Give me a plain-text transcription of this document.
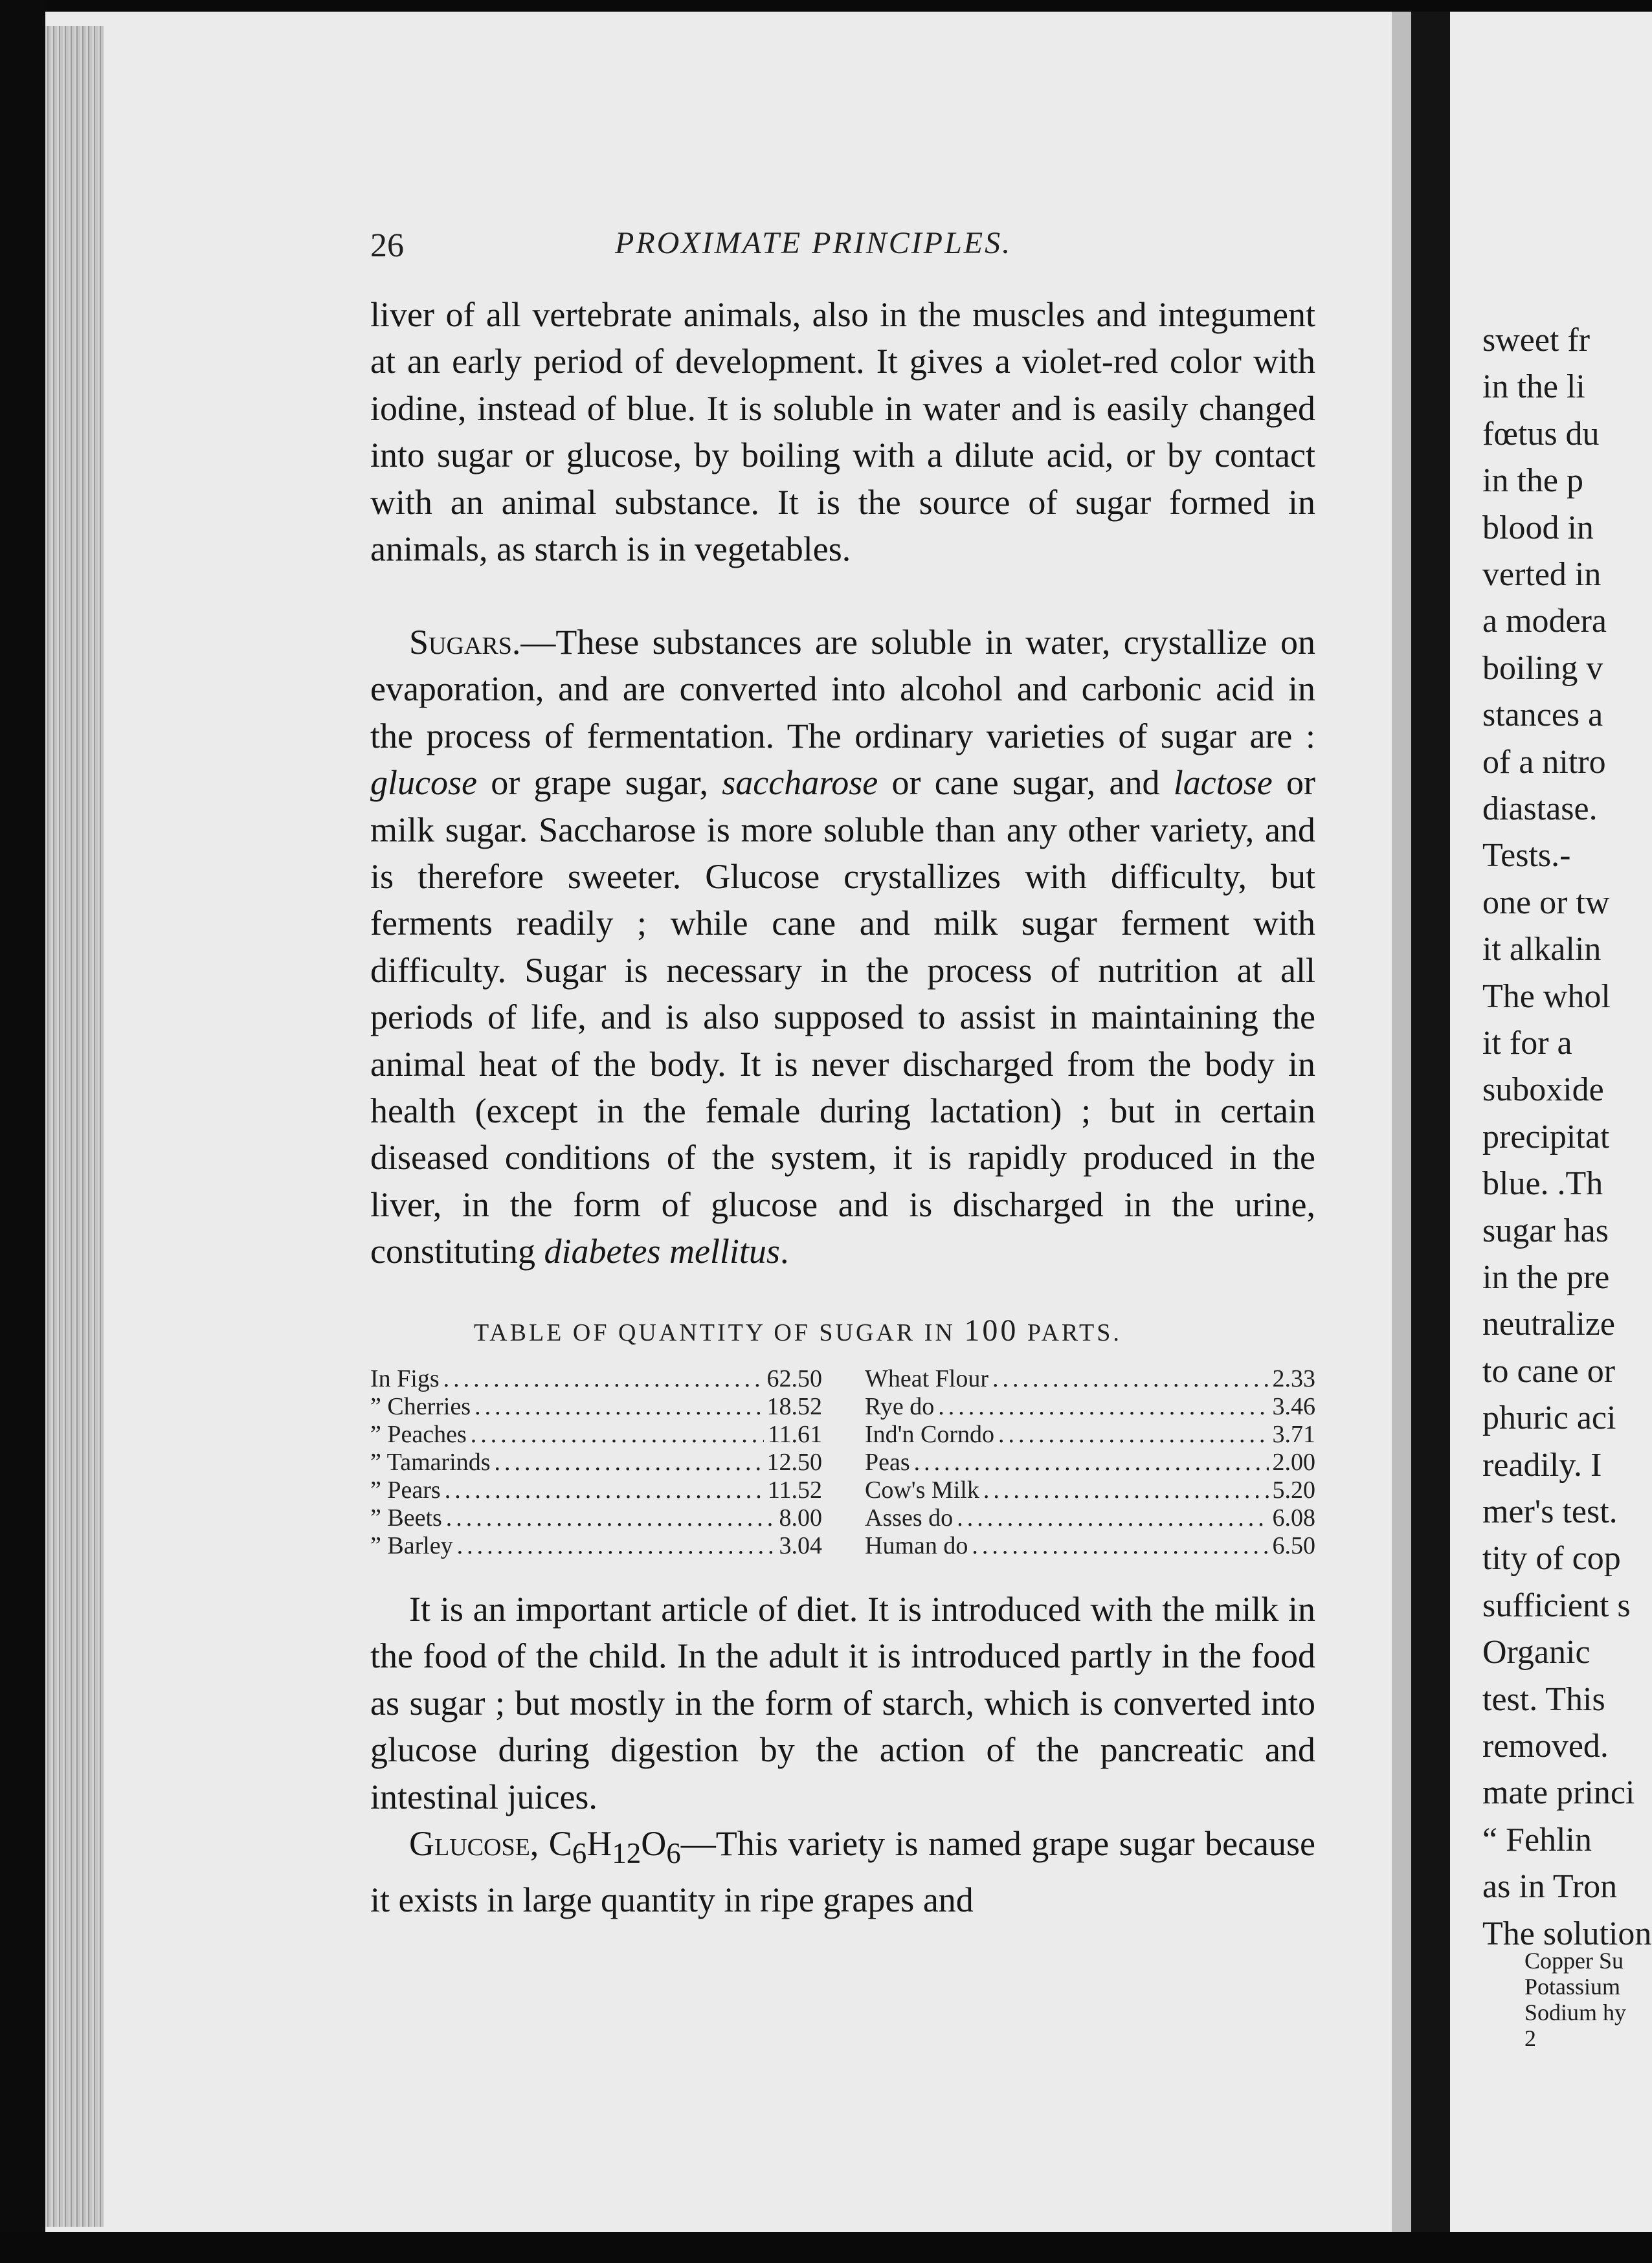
sweet fr
in the li
fœtus du
in the p
blood in
verted in
a modera
boiling v
stances a
of a nitro
diastase.
Tests.-
one or tw
it alkalin
The whol
it for a
suboxide
precipitat
blue. .Th
sugar has
in the pre
neutralize
to cane or
phuric aci
readily. I
mer's test.
tity of cop
sufficient s
Organic
test. This
removed.
mate princi
“ Fehlin
as in Tron
The solution
Copper Su
Potassium
Sodium hy
2
26	PROXIMATE PRINCIPLES.

liver of all vertebrate animals, also in the muscles and integument at an early period of development. It gives a violet-red color with iodine, instead of blue. It is soluble in water and is easily changed into sugar or glucose, by boiling with a dilute acid, or by contact with an animal substance. It is the source of sugar formed in animals, as starch is in vegetables.

Sugars.—These substances are soluble in water, crystallize on evaporation, and are converted into alcohol and carbonic acid in the process of fermentation. The ordinary varieties of sugar are : glucose or grape sugar, saccharose or cane sugar, and lactose or milk sugar. Saccharose is more soluble than any other variety, and is therefore sweeter. Glucose crystallizes with difficulty, but ferments readily ; while cane and milk sugar ferment with difficulty. Sugar is necessary in the process of nutrition at all periods of life, and is also supposed to assist in maintaining the animal heat of the body. It is never discharged from the body in health (except in the female during lactation) ; but in certain diseased conditions of the system, it is rapidly produced in the liver, in the form of glucose and is discharged in the urine, constituting diabetes mellitus.

TABLE OF QUANTITY OF SUGAR IN 100 PARTS.
In Figs .....	62.50
” Cherries .....	18.52
” Peaches .....	11.61
” Tamarinds .....	12.50
” Pears .....	11.52
” Beets .....	8.00
” Barley .....	3.04
Wheat Flour .....	2.33
Rye do .....	3.46
Ind'n Corndo .....	3.71
Peas .....	2.00
Cow's Milk .....	5.20
Asses do .....	6.08
Human do .....	6.50

It is an important article of diet. It is introduced with the milk in the food of the child. In the adult it is introduced partly in the food as sugar ; but mostly in the form of starch, which is converted into glucose during digestion by the action of the pancreatic and intestinal juices.

Glucose, $C_6H_{12}O_6—This$ variety is named grape sugar because it exists in large quantity in ripe grapes and
